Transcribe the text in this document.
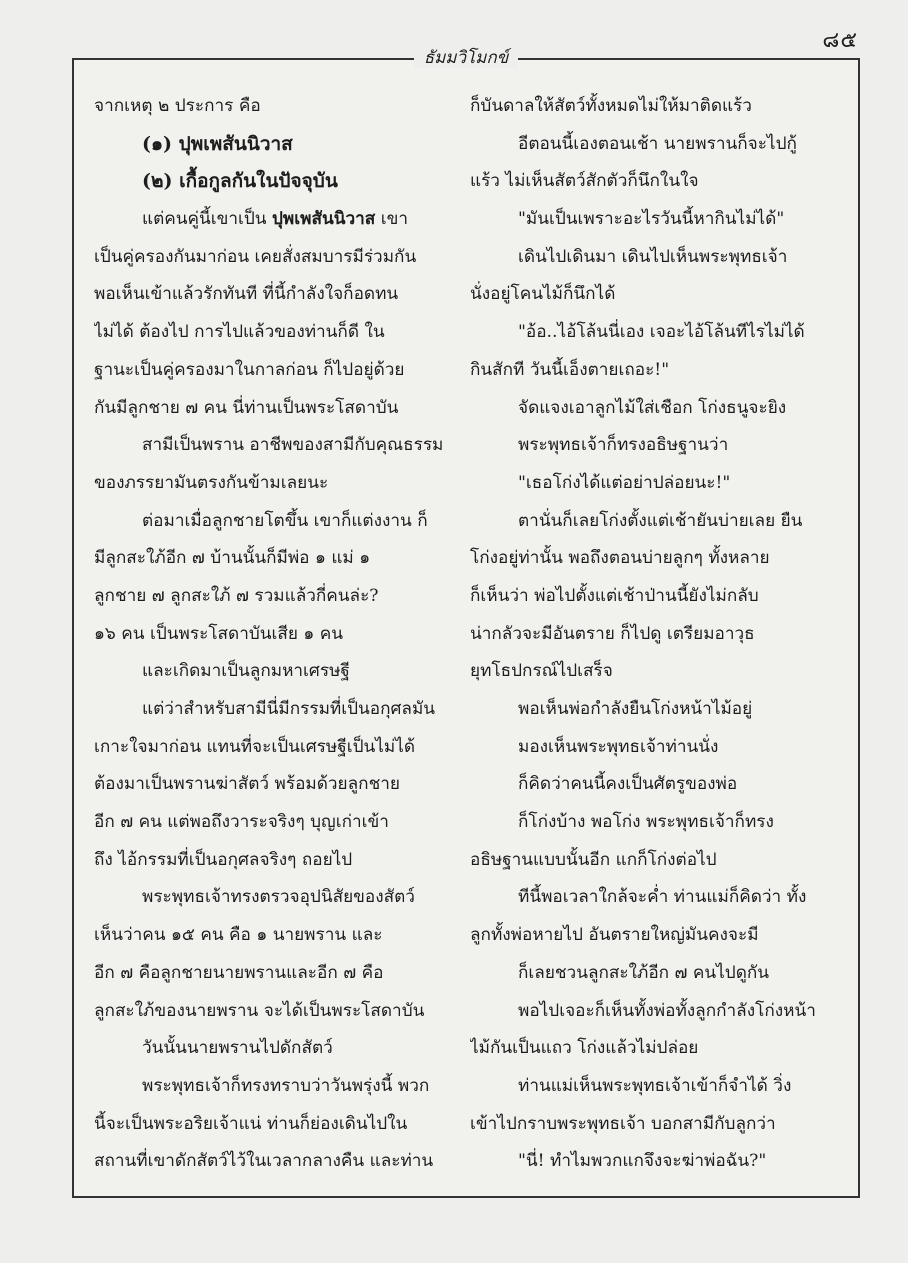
๘๕
ธัมมวิโมกข์
จากเหตุ ๒ ประการ คือ
(๑) ปุพเพสันนิวาส
(๒) เกื้อกูลกันในปัจจุบัน
แต่คนคู่นี้เขาเป็น ปุพเพสันนิวาส เขา
เป็นคู่ครองกันมาก่อน เคยสั่งสมบารมีร่วมกัน
พอเห็นเข้าแล้วรักทันที ที่นี้กำลังใจก็อดทน
ไม่ได้ ต้องไป การไปแล้วของท่านก็ดี ใน
ฐานะเป็นคู่ครองมาในกาลก่อน ก็ไปอยู่ด้วย
กันมีลูกชาย ๗ คน นี่ท่านเป็นพระโสดาบัน
สามีเป็นพราน อาชีพของสามีกับคุณธรรม
ของภรรยามันตรงกันข้ามเลยนะ
ต่อมาเมื่อลูกชายโตขึ้น เขาก็แต่งงาน ก็
มีลูกสะใภ้อีก ๗ บ้านนั้นก็มีพ่อ ๑ แม่ ๑
ลูกชาย ๗ ลูกสะใภ้ ๗ รวมแล้วกี่คนล่ะ?
๑๖ คน เป็นพระโสดาบันเสีย ๑ คน
และเกิดมาเป็นลูกมหาเศรษฐี
แต่ว่าสำหรับสามีนี่มีกรรมที่เป็นอกุศลมัน
เกาะใจมาก่อน แทนที่จะเป็นเศรษฐีเป็นไม่ได้
ต้องมาเป็นพรานฆ่าสัตว์ พร้อมด้วยลูกชาย
อีก ๗ คน แต่พอถึงวาระจริงๆ บุญเก่าเข้า
ถึง ไอ้กรรมที่เป็นอกุศลจริงๆ ถอยไป
พระพุทธเจ้าทรงตรวจอุปนิสัยของสัตว์
เห็นว่าคน ๑๕ คน คือ ๑ นายพราน และ
อีก ๗ คือลูกชายนายพรานและอีก ๗ คือ
ลูกสะใภ้ของนายพราน จะได้เป็นพระโสดาบัน
วันนั้นนายพรานไปดักสัตว์
พระพุทธเจ้าก็ทรงทราบว่าวันพรุ่งนี้ พวก
นี้จะเป็นพระอริยเจ้าแน่ ท่านก็ย่องเดินไปใน
สถานที่เขาดักสัตว์ไว้ในเวลากลางคืน และท่าน
ก็บันดาลให้สัตว์ทั้งหมดไม่ให้มาติดแร้ว
อีตอนนี้เองตอนเช้า นายพรานก็จะไปกู้
แร้ว ไม่เห็นสัตว์สักตัวก็นึกในใจ
"มันเป็นเพราะอะไรวันนี้หากินไม่ได้"
เดินไปเดินมา เดินไปเห็นพระพุทธเจ้า
นั่งอยู่โคนไม้ก็นึกได้
"อ้อ..ไอ้โล้นนี่เอง เจอะไอ้โล้นทีไรไม่ได้
กินสักที วันนี้เอ็งตายเถอะ!"
จัดแจงเอาลูกไม้ใส่เชือก โก่งธนูจะยิง
พระพุทธเจ้าก็ทรงอธิษฐานว่า
"เธอโก่งได้แต่อย่าปล่อยนะ!"
ตานั่นก็เลยโก่งตั้งแต่เช้ายันบ่ายเลย ยืน
โก่งอยู่ท่านั้น พอถึงตอนบ่ายลูกๆ ทั้งหลาย
ก็เห็นว่า พ่อไปตั้งแต่เช้าป่านนี้ยังไม่กลับ
น่ากลัวจะมีอันตราย ก็ไปดู เตรียมอาวุธ
ยุทโธปกรณ์ไปเสร็จ
พอเห็นพ่อกำลังยืนโก่งหน้าไม้อยู่
มองเห็นพระพุทธเจ้าท่านนั่ง
ก็คิดว่าคนนี้คงเป็นศัตรูของพ่อ
ก็โก่งบ้าง พอโก่ง พระพุทธเจ้าก็ทรง
อธิษฐานแบบนั้นอีก แกก็โก่งต่อไป
ทีนี้พอเวลาใกล้จะค่ำ ท่านแม่ก็คิดว่า ทั้ง
ลูกทั้งพ่อหายไป อันตรายใหญ่มันคงจะมี
ก็เลยชวนลูกสะใภ้อีก ๗ คนไปดูกัน
พอไปเจอะก็เห็นทั้งพ่อทั้งลูกกำลังโก่งหน้า
ไม้กันเป็นแถว โก่งแล้วไม่ปล่อย
ท่านแม่เห็นพระพุทธเจ้าเข้าก็จำได้ วิ่ง
เข้าไปกราบพระพุทธเจ้า บอกสามีกับลูกว่า
"นี่! ทำไมพวกแกจึงจะฆ่าพ่อฉัน?"
